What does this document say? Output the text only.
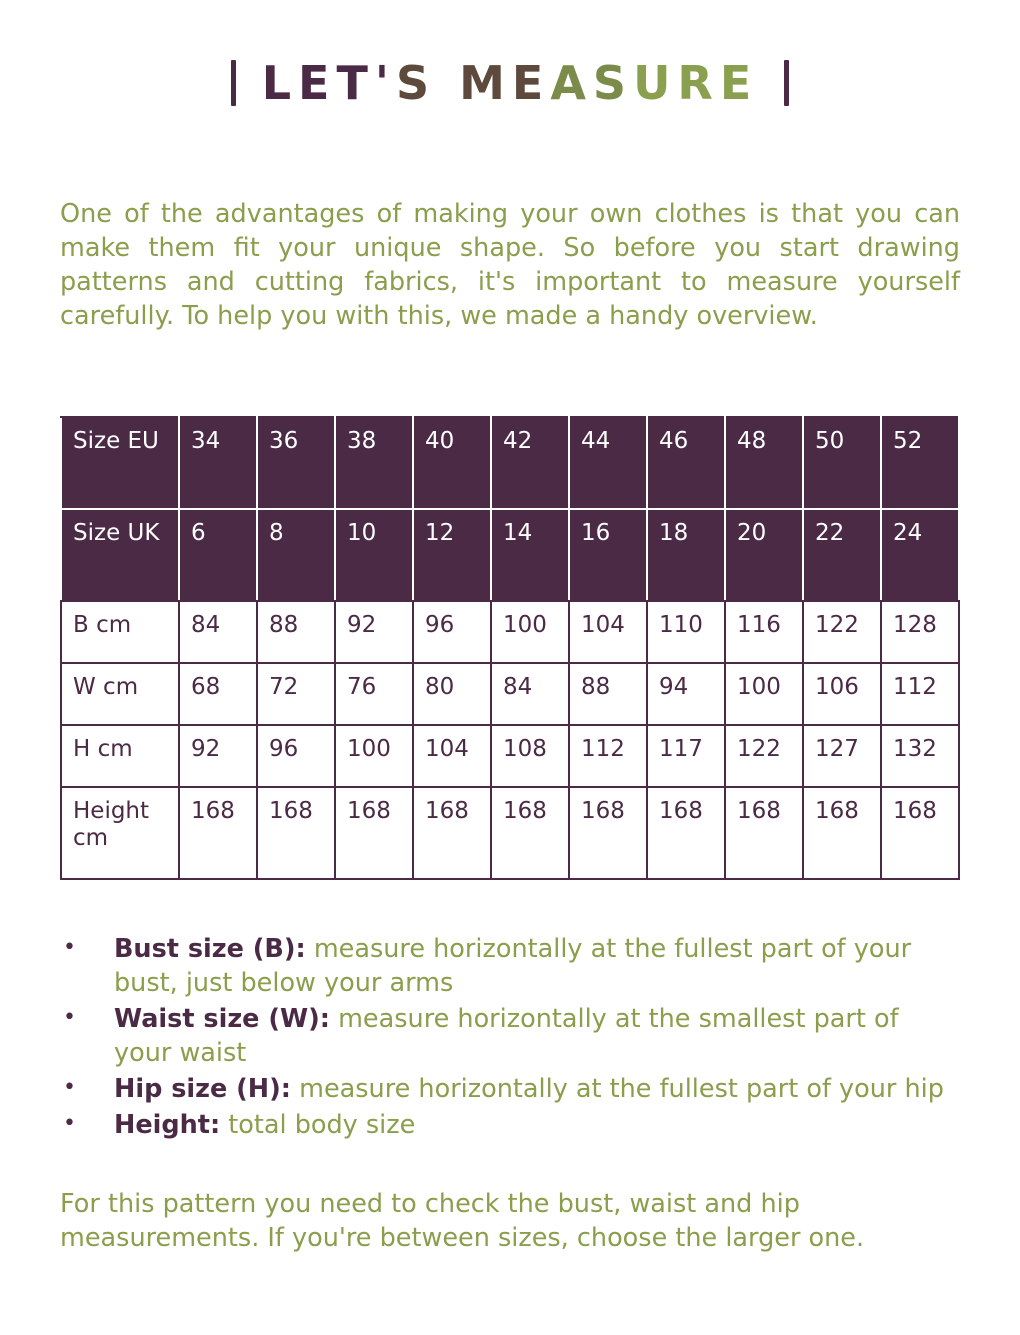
LET'S MEASURE

One of the advantages of making your own clothes is that you can make them fit your unique shape. So before you start drawing patterns and cutting fabrics, it's important to measure yourself carefully. To help you with this, we made a handy overview.

Size EU	34	36	38	40	42	44	46	48	50	52
Size UK	6	8	10	12	14	16	18	20	22	24
B cm	84	88	92	96	100	104	110	116	122	128
W cm	68	72	76	80	84	88	94	100	106	112
H cm	92	96	100	104	108	112	117	122	127	132
Height cm	168	168	168	168	168	168	168	168	168	168
•	Bust size (B): measure horizontally at the fullest part of your bust, just below your arms
•	Waist size (W): measure horizontally at the smallest part of your waist
•	Hip size (H): measure horizontally at the fullest part of your hip
•	Height: total body size

For this pattern you need to check the bust, waist and hip measurements. If you're between sizes, choose the larger one.
